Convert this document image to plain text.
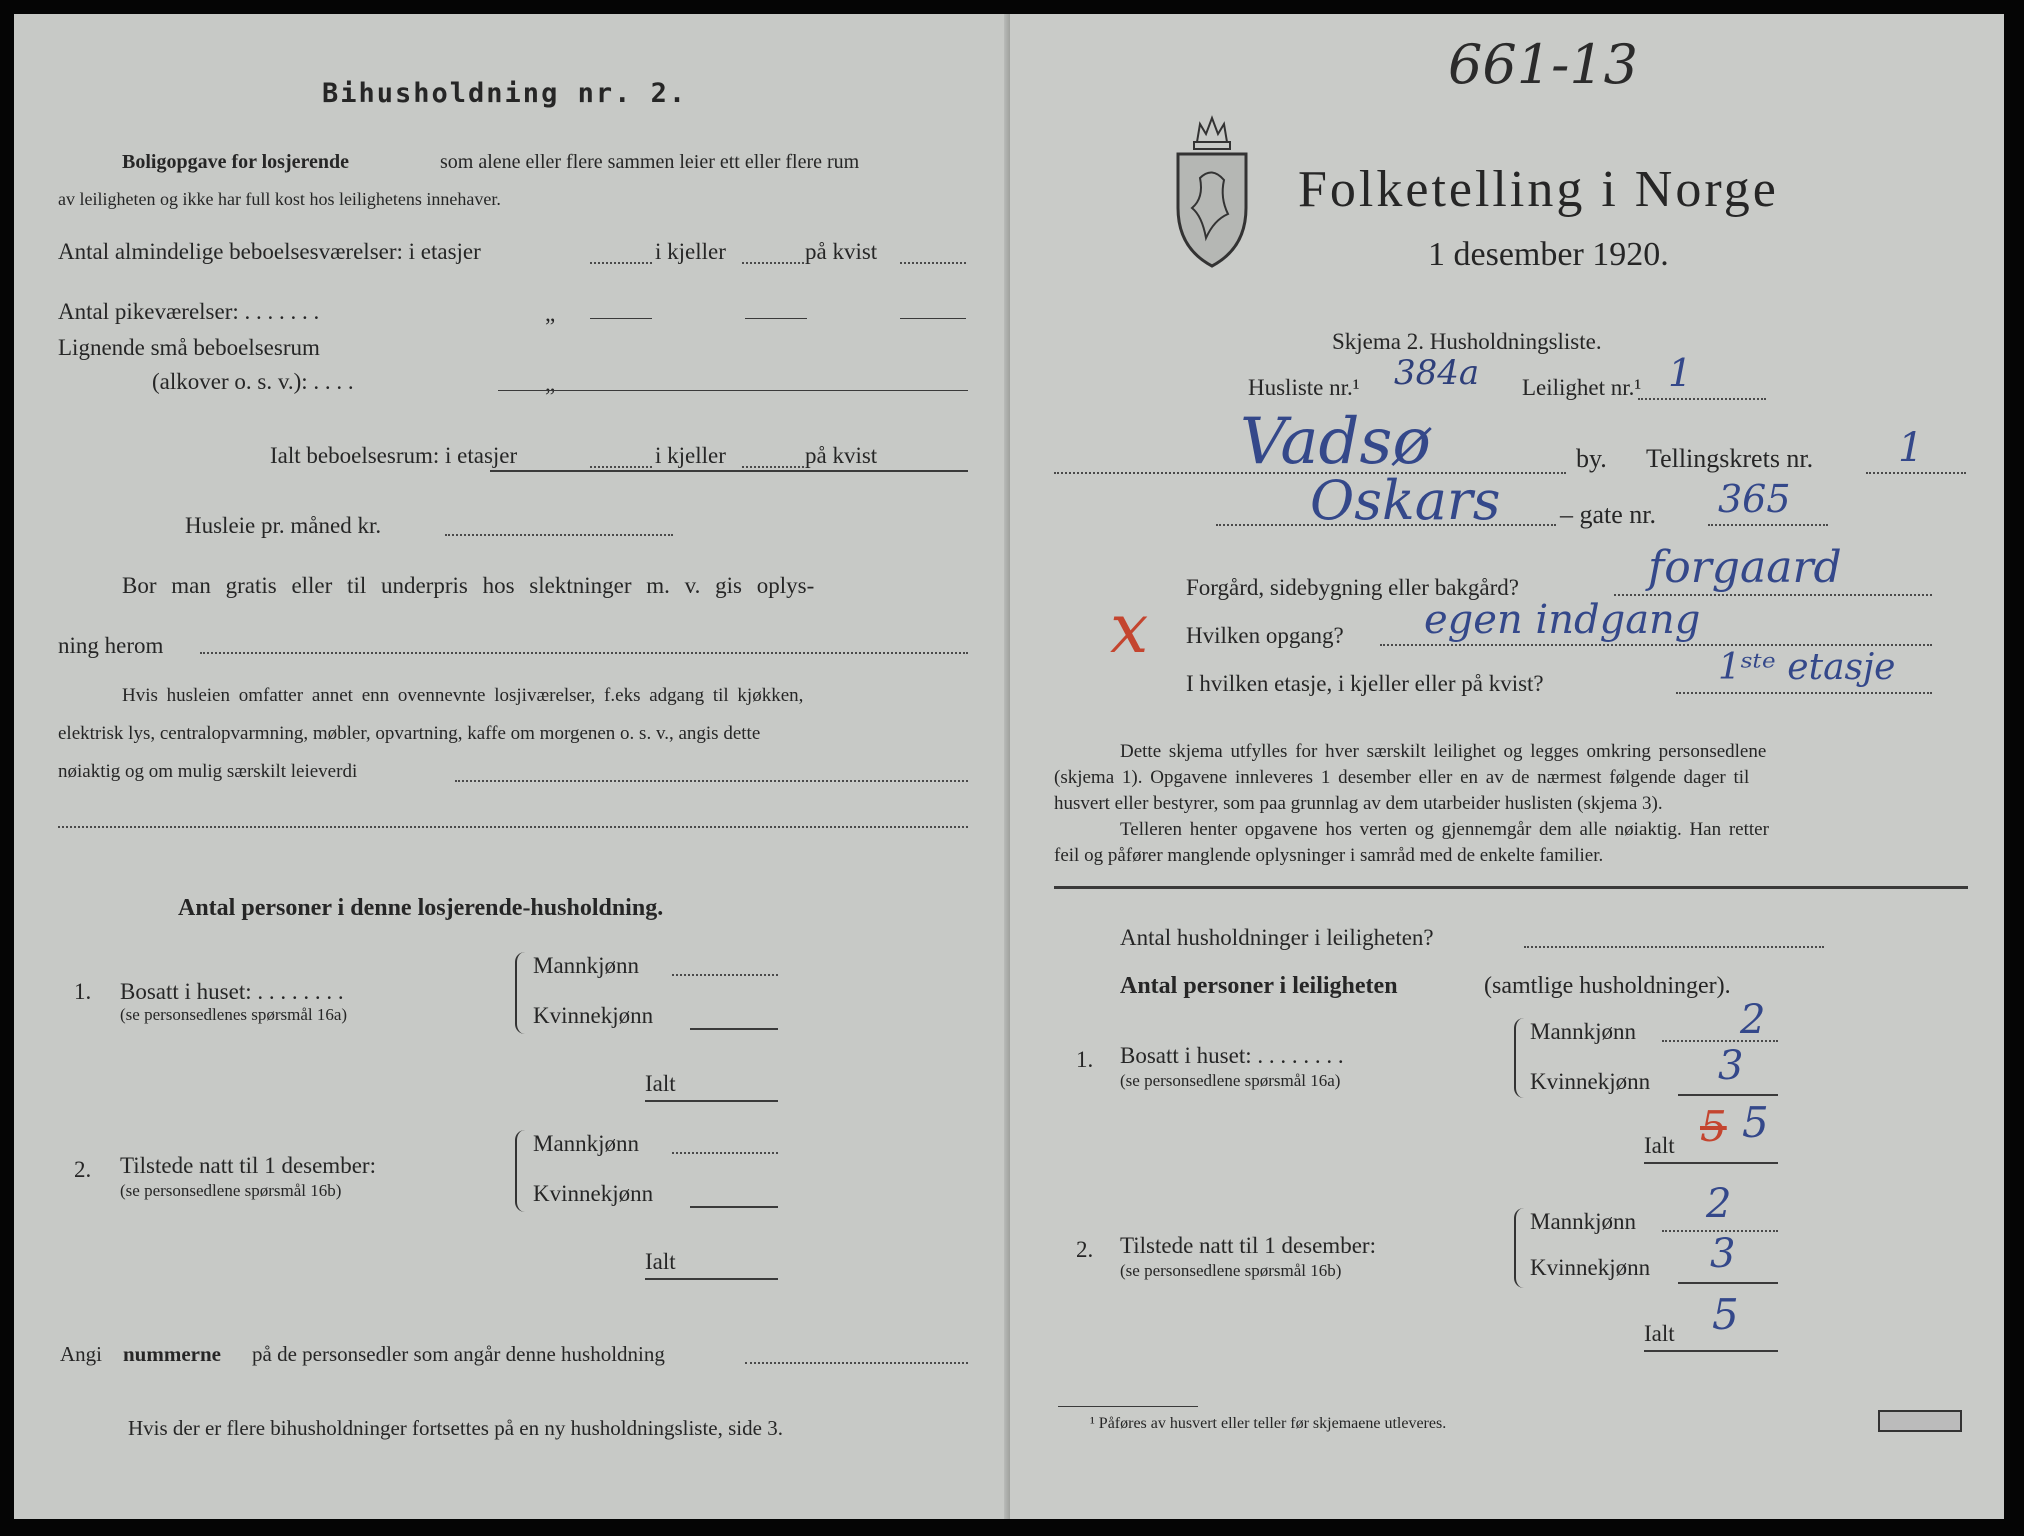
Bihusholdning nr. 2.
Boligopgave for losjerende	som alene eller flere sammen leier ett eller flere rum
av leiligheten og ikke har full kost hos leilighetens innehaver.
Antal almindelige beboelsesværelser: i etasjer	i kjeller	på kvist
Antal pikeværelser: . . . . . . .	„
Lignende små beboelsesrum
(alkover o. s. v.): . . . .	„
Ialt beboelsesrum: i etasjer	i kjeller	på kvist
Husleie pr. måned kr.
Bor man gratis eller til underpris hos slektninger m. v. gis oplys-
ning herom
Hvis husleien omfatter annet enn ovennevnte losjiværelser, f.eks adgang til kjøkken,
elektrisk lys, centralopvarmning, møbler, opvartning, kaffe om morgenen o. s. v., angis dette
nøiaktig og om mulig særskilt leieverdi
Antal personer i denne losjerende-husholdning.
1. Bosatt i huset: . . . . . . . .
(se personsedlenes spørsmål 16a)
Mannkjønn
Kvinnekjønn
Ialt
2. Tilstede natt til 1 desember:
(se personsedlene spørsmål 16b)
Mannkjønn
Kvinnekjønn
Ialt
Angi nummerne på de personsedler som angår denne husholdning
Hvis der er flere bihusholdninger fortsettes på en ny husholdningsliste, side 3.
661-13
Folketelling i Norge
1 desember 1920.
Skjema 2. Husholdningsliste.
Husliste nr.¹ 384a Leilighet nr.¹ 1
Vadsø	by. Tellingskrets nr. 1
Oskars – gate nr. 365
Forgård, sidebygning eller bakgård?	forgaard
x Hvilken opgang? egen indgang
I hvilken etasje, i kjeller eller på kvist?	1ˢᵗᵉ etasje
Dette skjema utfylles for hver særskilt leilighet og legges omkring personsedlene
(skjema 1). Opgavene innleveres 1 desember eller en av de nærmest følgende dager til
husvert eller bestyrer, som paa grunnlag av dem utarbeider huslisten (skjema 3).
Telleren henter opgavene hos verten og gjennemgår dem alle nøiaktig. Han retter
feil og påfører manglende oplysninger i samråd med de enkelte familier.
Antal husholdninger i leiligheten?
Antal personer i leiligheten	(samtlige husholdninger).
1. Bosatt i huset: . . . . . . . .
(se personsedlene spørsmål 16a)
Mannkjønn	2
Kvinnekjønn 3
Ialt 5 5
2. Tilstede natt til 1 desember:
(se personsedlene spørsmål 16b)
Mannkjønn 2
Kvinnekjønn 3
Ialt 5
¹ Påføres av husvert eller teller før skjemaene utleveres.
